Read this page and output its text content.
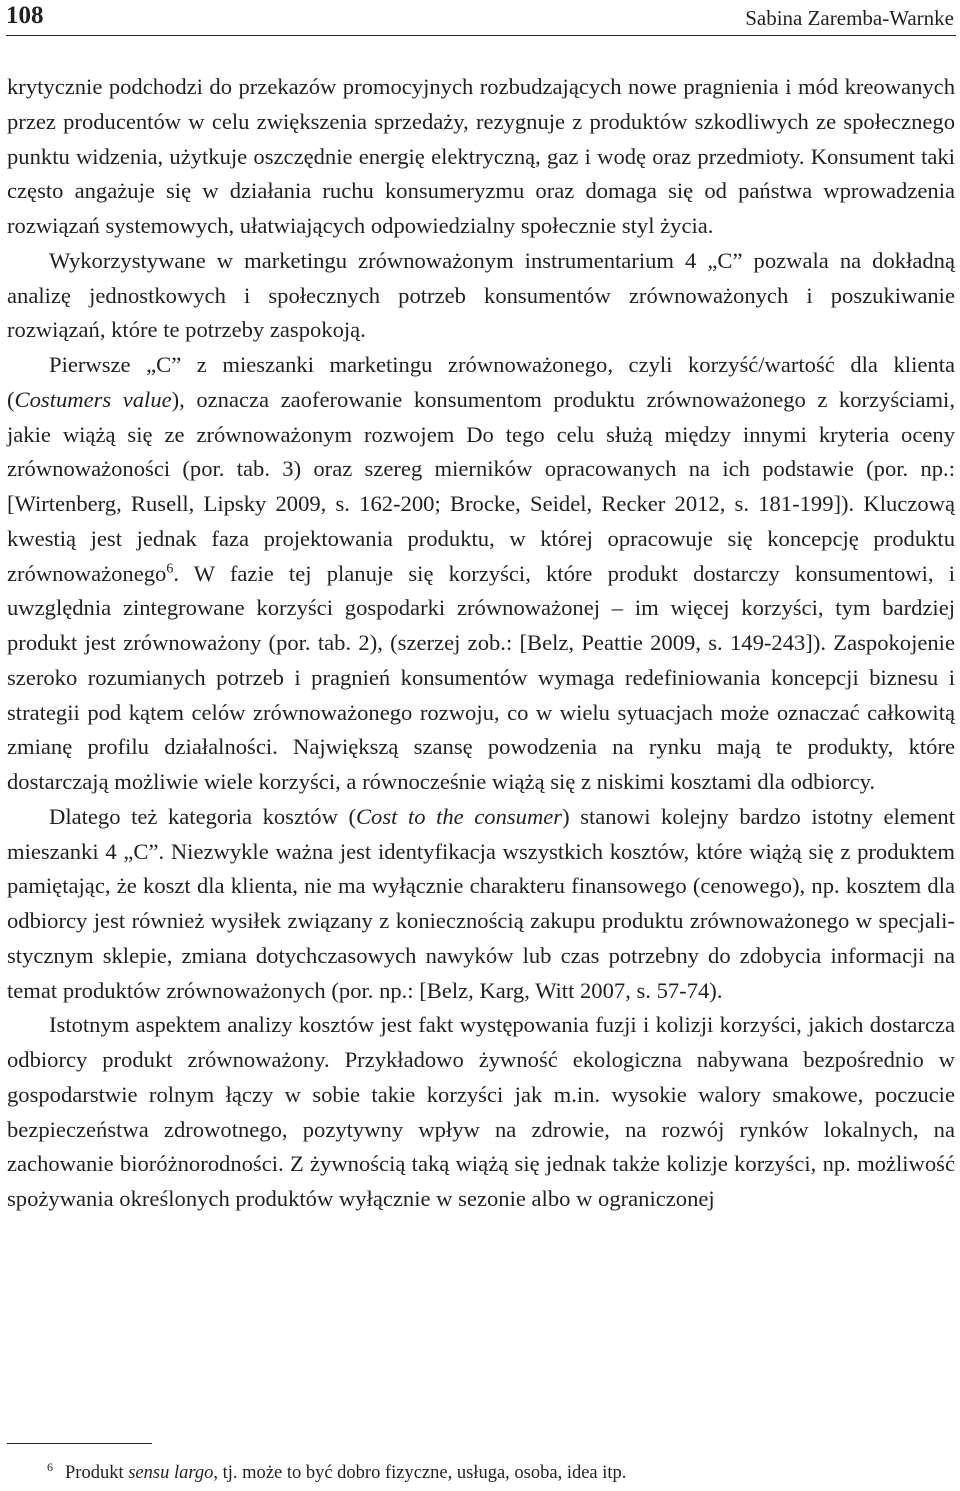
108	Sabina Zaremba-Warnke

krytycznie podchodzi do przekazów promocyjnych rozbudzających nowe pragnienia i mód kreowanych przez producentów w celu zwiększenia sprzedaży, rezygnuje z produktów szkodliwych ze społecznego punktu widzenia, użytkuje oszczędnie energię elektryczną, gaz i wodę oraz przedmioty. Konsument taki często angażuje się w działania ruchu konsumeryzmu oraz domaga się od państwa wprowadzenia rozwiązań systemowych, ułatwiających odpowiedzialny społecznie styl życia.

Wykorzystywane w marketingu zrównoważonym instrumentarium 4 „C” pozwala na dokładną analizę jednostkowych i społecznych potrzeb konsumentów zrównoważonych i poszukiwanie rozwiązań, które te potrzeby zaspokoją.

Pierwsze „C” z mieszanki marketingu zrównoważonego, czyli korzyść/wartość dla klienta (Costumers value), oznacza zaoferowanie konsumentom produktu zrównoważonego z korzyściami, jakie wiążą się ze zrównoważonym rozwojem Do tego celu służą między innymi kryteria oceny zrównoważoności (por. tab. 3) oraz szereg mierników opracowanych na ich podstawie (por. np.: [Wirtenberg, Rusell, Lipsky 2009, s. 162-200; Brocke, Seidel, Recker 2012, s. 181-199]). Kluczową kwestią jest jednak faza projektowania produktu, w której opracowuje się koncepcję produktu zrównoważonego$^6$. W fazie tej planuje się korzyści, które produkt dostarczy konsumentowi, i uwzględnia zintegrowane korzyści gospodarki zrównoważonej – im więcej korzyści, tym bardziej produkt jest zrównoważony (por. tab. 2), (szerzej zob.: [Belz, Peattie 2009, s. 149-243]). Zaspokojenie szeroko rozumianych potrzeb i pragnień konsumentów wymaga redefiniowania koncepcji biznesu i strategii pod kątem celów zrównoważonego rozwoju, co w wielu sytuacjach może oznaczać całkowitą zmianę profilu działalności. Największą szansę powodzenia na rynku mają te produkty, które dostarczają możliwie wiele korzyści, a równocześnie wiążą się z niskimi kosztami dla odbiorcy.

Dlatego też kategoria kosztów (Cost to the consumer) stanowi kolejny bardzo istotny element mieszanki 4 „C”. Niezwykle ważna jest identyfikacja wszystkich kosztów, które wiążą się z produktem pamiętając, że koszt dla klienta, nie ma wyłącznie charakteru finansowego (cenowego), np. kosztem dla odbiorcy jest również wysiłek związany z koniecznością zakupu produktu zrównoważonego w specjalistycznym sklepie, zmiana dotychczasowych nawyków lub czas potrzebny do zdobycia informacji na temat produktów zrównoważonych (por. np.: [Belz, Karg, Witt 2007, s. 57-74).

Istotnym aspektem analizy kosztów jest fakt występowania fuzji i kolizji korzyści, jakich dostarcza odbiorcy produkt zrównoważony. Przykładowo żywność ekologiczna nabywana bezpośrednio w gospodarstwie rolnym łączy w sobie takie korzyści jak m.in. wysokie walory smakowe, poczucie bezpieczeństwa zdrowotnego, pozytywny wpływ na zdrowie, na rozwój rynków lokalnych, na zachowanie bioróżnorodności. Z żywnością taką wiążą się jednak także kolizje korzyści, np. możliwość spożywania określonych produktów wyłącznie w sezonie albo w ograniczonej

$^6$ Produkt sensu largo, tj. może to być dobro fizyczne, usługa, osoba, idea itp.
